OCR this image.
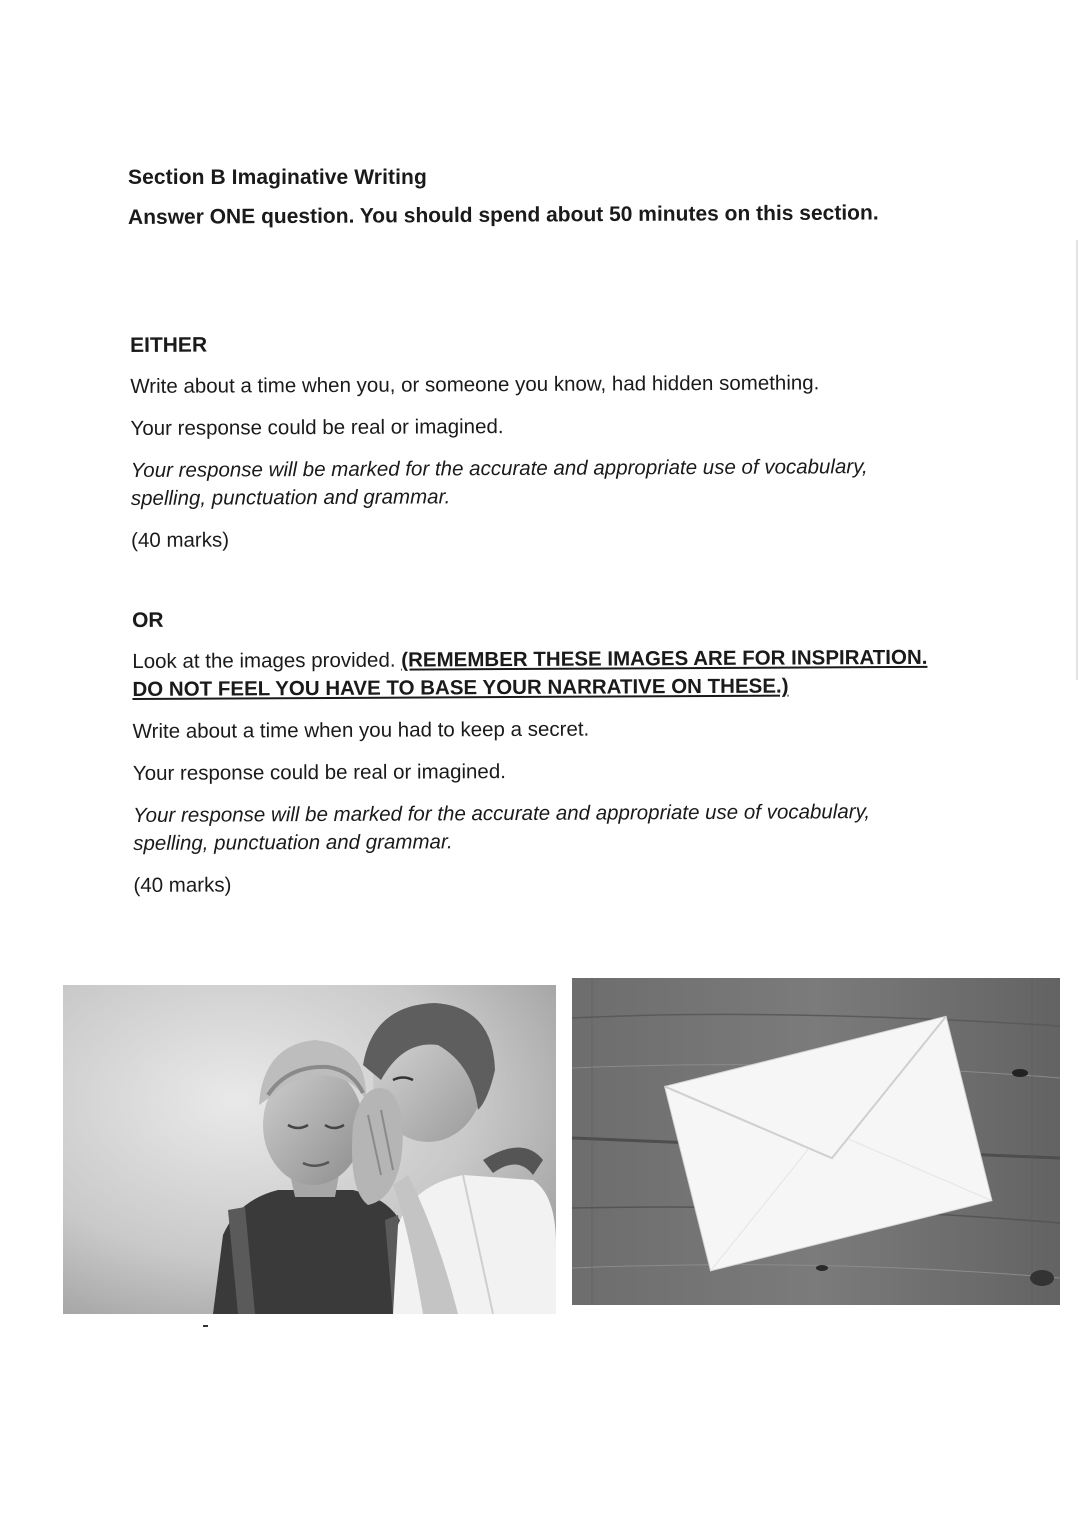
Section B Imaginative Writing
Answer ONE question. You should spend about 50 minutes on this section.
EITHER
Write about a time when you, or someone you know, had hidden something.
Your response could be real or imagined.
Your response will be marked for the accurate and appropriate use of vocabulary, spelling, punctuation and grammar.
(40 marks)
OR
Look at the images provided. (REMEMBER THESE IMAGES ARE FOR INSPIRATION. DO NOT FEEL YOU HAVE TO BASE YOUR NARRATIVE ON THESE.)
Write about a time when you had to keep a secret.
Your response could be real or imagined.
Your response will be marked for the accurate and appropriate use of vocabulary, spelling, punctuation and grammar.
(40 marks)
